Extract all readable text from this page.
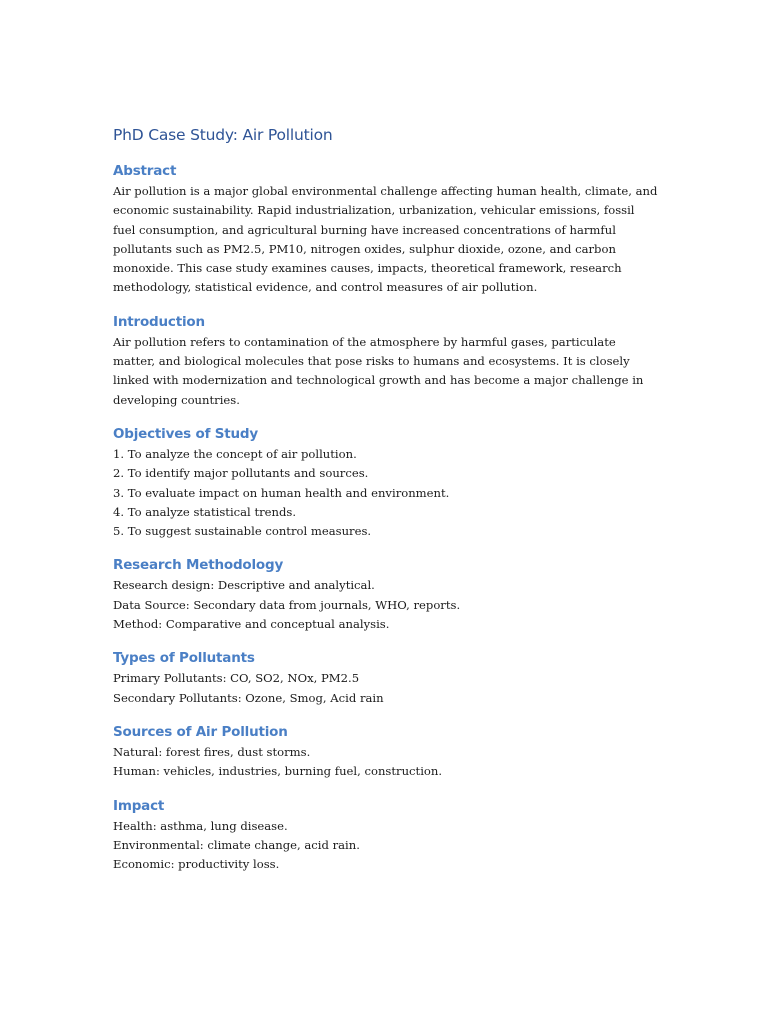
PhD Case Study: Air Pollution
Abstract

Air pollution is a major global environmental challenge affecting human health, climate, and

economic sustainability. Rapid industrialization, urbanization, vehicular emissions, fossil

fuel consumption, and agricultural burning have increased concentrations of harmful

pollutants such as PM2.5, PM10, nitrogen oxides, sulphur dioxide, ozone, and carbon

monoxide. This case study examines causes, impacts, theoretical framework, research

methodology, statistical evidence, and control measures of air pollution.

Introduction

Air pollution refers to contamination of the atmosphere by harmful gases, particulate

matter, and biological molecules that pose risks to humans and ecosystems. It is closely

linked with modernization and technological growth and has become a major challenge in

developing countries.

Objectives of Study

1. To analyze the concept of air pollution.

2. To identify major pollutants and sources.

3. To evaluate impact on human health and environment.

4. To analyze statistical trends.

5. To suggest sustainable control measures.

Research Methodology

Research design: Descriptive and analytical.

Data Source: Secondary data from journals, WHO, reports.

Method: Comparative and conceptual analysis.

Types of Pollutants

Primary Pollutants: CO, SO2, NOx, PM2.5

Secondary Pollutants: Ozone, Smog, Acid rain

Sources of Air Pollution

Natural: forest fires, dust storms.

Human: vehicles, industries, burning fuel, construction.

Impact

Health: asthma, lung disease.

Environmental: climate change, acid rain.

Economic: productivity loss.
